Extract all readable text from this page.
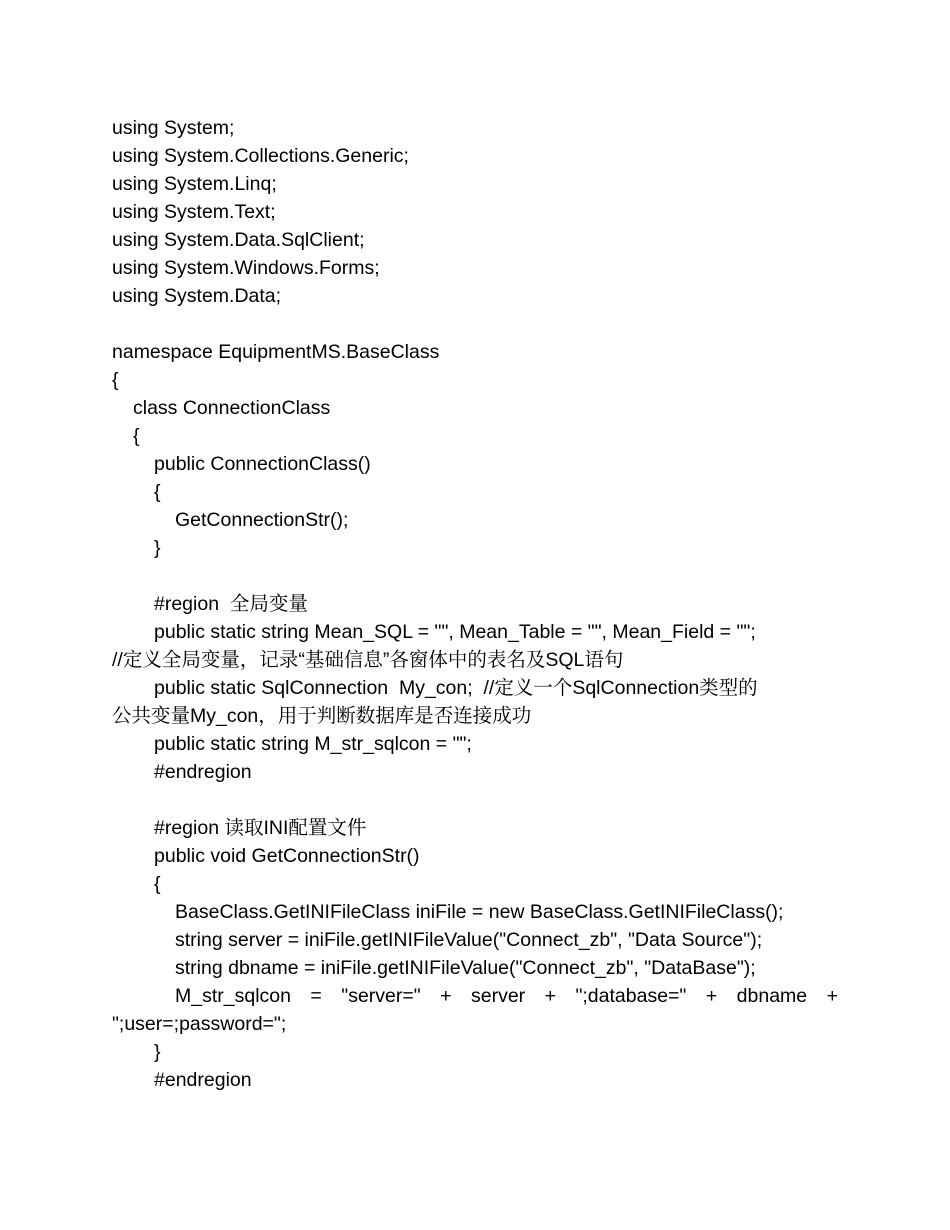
using System;
using System.Collections.Generic;
using System.Linq;
using System.Text;
using System.Data.SqlClient;
using System.Windows.Forms;
using System.Data;
namespace EquipmentMS.BaseClass
{
class ConnectionClass
{
public ConnectionClass()
{
GetConnectionStr();
}
#region  全局变量
public static string Mean_SQL = "", Mean_Table = "", Mean_Field = "";
//定义全局变量，记录“基础信息”各窗体中的表名及SQL语句
public static SqlConnection  My_con;  //定义一个SqlConnection类型的
公共变量My_con，用于判断数据库是否连接成功
public static string M_str_sqlcon = "";
#endregion
#region 读取INI配置文件
public void GetConnectionStr()
{
BaseClass.GetINIFileClass iniFile = new BaseClass.GetINIFileClass();
string server = iniFile.getINIFileValue("Connect_zb", "Data Source");
string dbname = iniFile.getINIFileValue("Connect_zb", "DataBase");
M_str_sqlcon = "server=" + server + ";database=" + dbname +
";user=;password=";
}
#endregion
